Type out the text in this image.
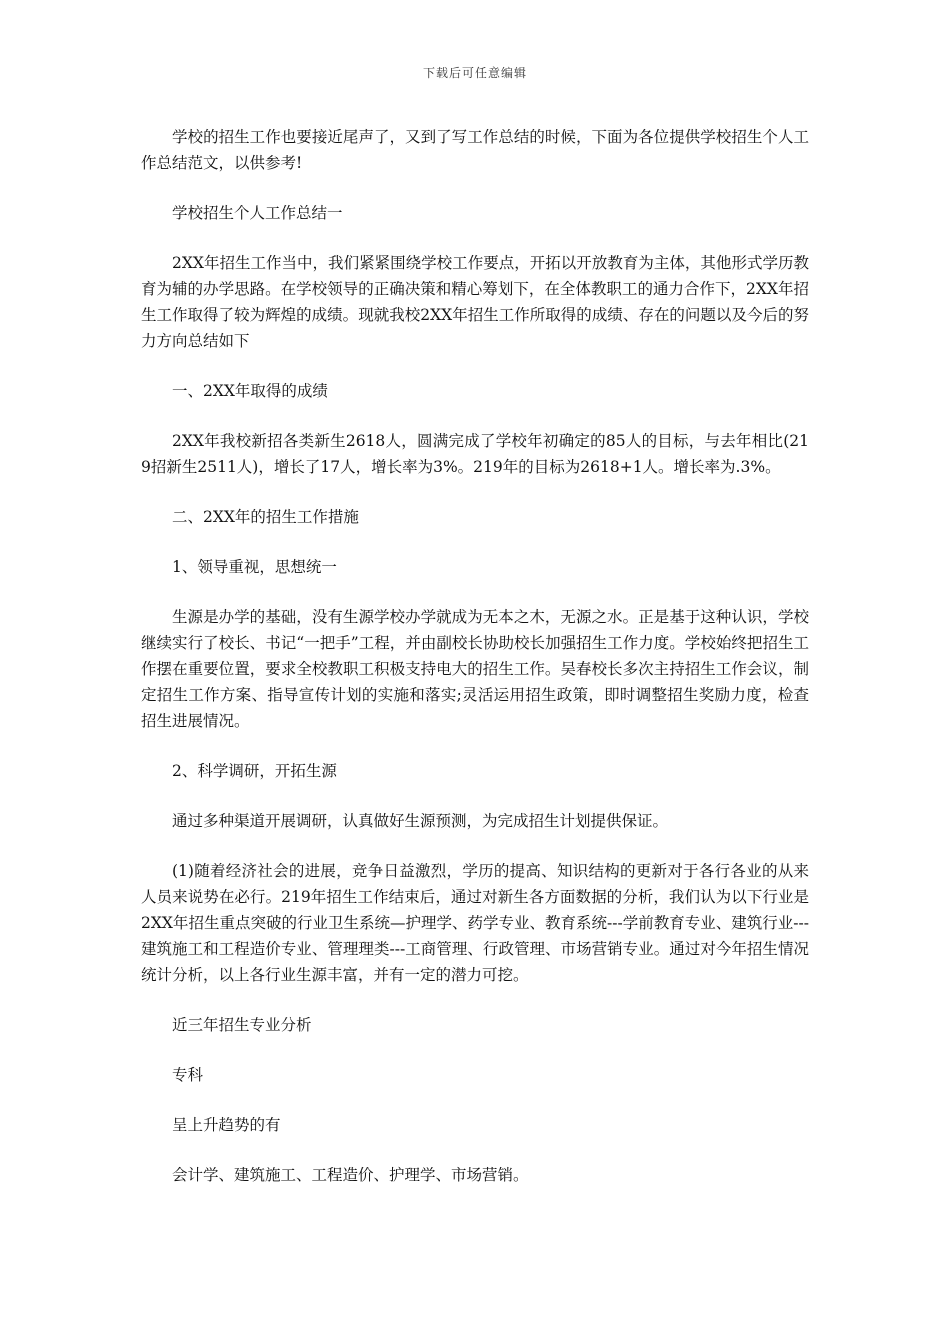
下载后可任意编辑

学校的招生工作也要接近尾声了，又到了写工作总结的时候，下面为各位提供学校招生个人工作总结范文，以供参考!

学校招生个人工作总结一

2XX年招生工作当中，我们紧紧围绕学校工作要点，开拓以开放教育为主体，其他形式学历教育为辅的办学思路。在学校领导的正确决策和精心筹划下，在全体教职工的通力合作下，2XX年招生工作取得了较为辉煌的成绩。现就我校2XX年招生工作所取得的成绩、存在的问题以及今后的努力方向总结如下

一、2XX年取得的成绩

2XX年我校新招各类新生2618人，圆满完成了学校年初确定的85人的目标，与去年相比(219招新生2511人)，增长了17人，增长率为3%。219年的目标为2618+1人。增长率为.3%。

二、2XX年的招生工作措施

1、领导重视，思想统一

生源是办学的基础，没有生源学校办学就成为无本之木，无源之水。正是基于这种认识，学校继续实行了校长、书记“一把手”工程，并由副校长协助校长加强招生工作力度。学校始终把招生工作摆在重要位置，要求全校教职工积极支持电大的招生工作。吴春校长多次主持招生工作会议，制定招生工作方案、指导宣传计划的实施和落实;灵活运用招生政策，即时调整招生奖励力度，检查招生进展情况。

2、科学调研，开拓生源

通过多种渠道开展调研，认真做好生源预测，为完成招生计划提供保证。

(1)随着经济社会的进展，竞争日益激烈，学历的提高、知识结构的更新对于各行各业的从来人员来说势在必行。219年招生工作结束后，通过对新生各方面数据的分析，我们认为以下行业是2XX年招生重点突破的行业卫生系统—护理学、药学专业、教育系统---学前教育专业、建筑行业---建筑施工和工程造价专业、管理理类---工商管理、行政管理、市场营销专业。通过对今年招生情况统计分析，以上各行业生源丰富，并有一定的潜力可挖。

近三年招生专业分析

专科

呈上升趋势的有

会计学、建筑施工、工程造价、护理学、市场营销。
